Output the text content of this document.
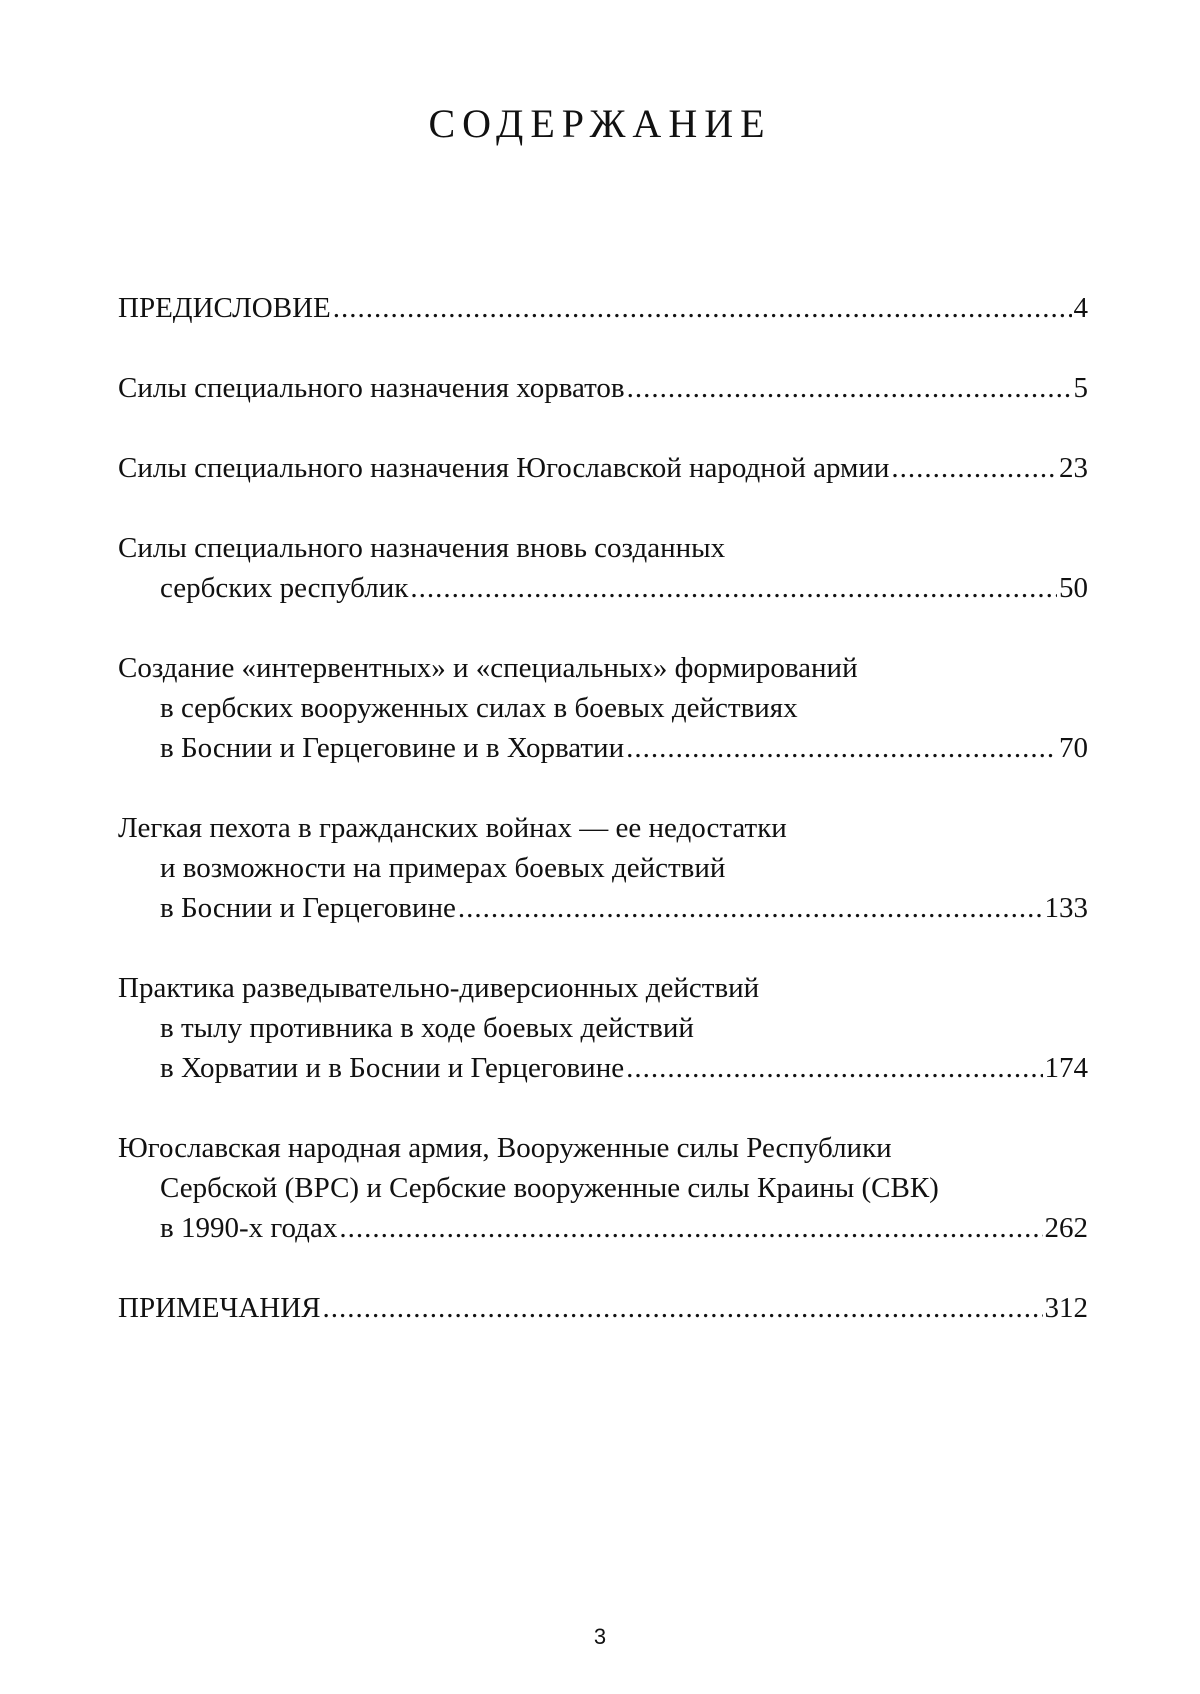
СОДЕРЖАНИЕ
ПРЕДИСЛОВИЕ .....	4
Силы специального назначения хорватов .....	5
Силы специального назначения Югославской народной армии .....	23
Силы специального назначения вновь созданных
сербских республик .....	50
Создание «интервентных» и «специальных» формирований
в сербских вооруженных силах в боевых действиях
в Боснии и Герцеговине и в Хорватии .....	70
Легкая пехота в гражданских войнах — ее недостатки
и возможности на примерах боевых действий
в Боснии и Герцеговине .....	133
Практика разведывательно-диверсионных действий
в тылу противника в ходе боевых действий
в Хорватии и в Боснии и Герцеговине .....	174
Югославская народная армия, Вооруженные силы Республики
Сербской (ВРС) и Сербские вооруженные силы Краины (СВК)
в 1990-х годах .....	262
ПРИМЕЧАНИЯ .....	312
3
